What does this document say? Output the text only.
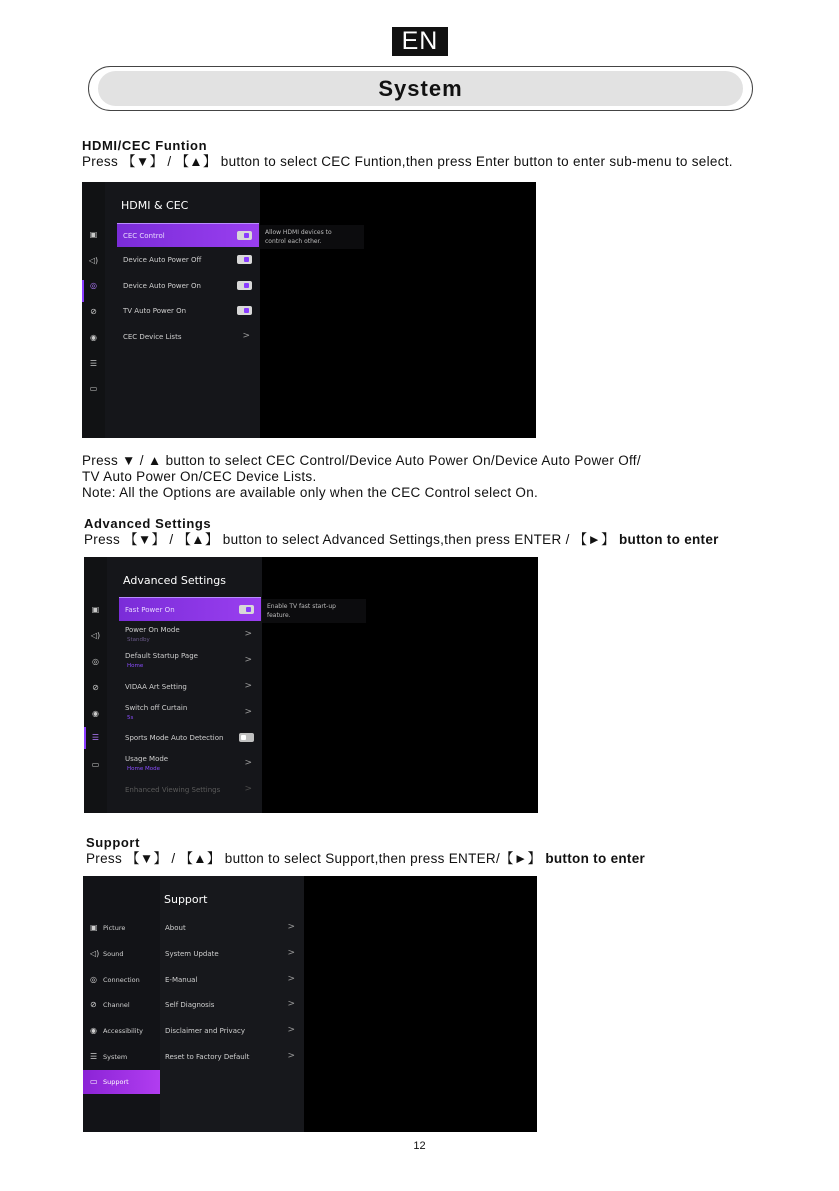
EN
System
HDMI/CEC Funtion
Press 【▼】 / 【▲】 button to select CEC Funtion,then press Enter button to enter sub-menu to select.
▣
◁)
◎
⊘
◉
☰
▭
HDMI & CEC
CEC Control
Device Auto Power Off
Device Auto Power On
TV Auto Power On
CEC Device Lists	>
Allow HDMI devices to
control each other.
Press ▼ / ▲ button to select CEC Control/Device Auto Power On/Device Auto Power Off/
TV Auto Power On/CEC Device Lists.
Note: All the Options are available only when the CEC Control select On.
Advanced Settings
Press 【▼】 / 【▲】 button to select Advanced Settings,then press ENTER / 【►】 button to enter
▣
◁)
◎
⊘
◉
☰
▭
Advanced Settings
Fast Power On
Power On Mode
Standby
>
Default Startup Page
Home
>
VIDAA Art Setting	>
Switch off Curtain
5s
>
Sports Mode Auto Detection
Usage Mode
Home Mode
>
Enhanced Viewing Settings	>
Enable TV fast start-up
feature.
Support
Press 【▼】 / 【▲】 button to select Support,then press ENTER/【►】 button to enter
▣ Picture
◁) Sound
◎ Connection
⊘ Channel
◉ Accessibility
☰ System
▭ Support
Support
About	>
System Update	>
E-Manual	>
Self Diagnosis	>
Disclaimer and Privacy	>
Reset to Factory Default	>
12
